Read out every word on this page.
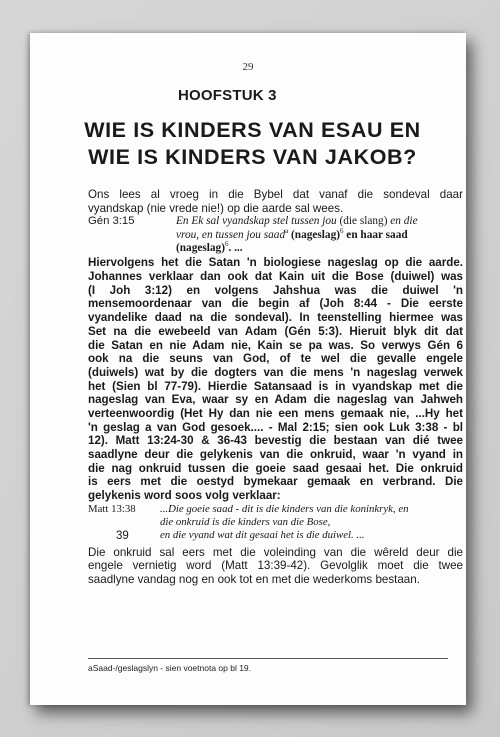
29
HOOFSTUK 3
WIE IS KINDERS VAN ESAU EN
WIE IS KINDERS VAN JAKOB?
Ons lees al vroeg in die Bybel dat vanaf die sondeval daar
vyandskap (nie vrede nie!) op die aarde sal wees.
Gén 3:15	En Ek sal vyandskap stel tussen jou (die slang) en die
vrou, en tussen jou saad$^a$ (nageslag)$^6$ en haar saad
(nageslag)$^6$. ...
Hiervolgens het die Satan 'n biologiese nageslag op die aarde.
Johannes verklaar dan ook dat Kain uit die Bose (duiwel) was
(I Joh 3:12) en volgens Jahshua was die duiwel 'n
mensemoordenaar van die begin af (Joh 8:44 - Die eerste
vyandelike daad na die sondeval). In teenstelling hiermee was
Set na die ewebeeld van Adam (Gén 5:3). Hieruit blyk dit dat
die Satan en nie Adam nie, Kain se pa was. So verwys Gén 6
ook na die seuns van God, of te wel die gevalle engele
(duiwels) wat by die dogters van die mens 'n nageslag verwek
het (Sien bl 77-79). Hierdie Satansaad is in vyandskap met die
nageslag van Eva, waar sy en Adam die nageslag van Jahweh
verteenwoordig (Het Hy dan nie een mens gemaak nie, ...Hy het
'n geslag a van God gesoek.... - Mal 2:15; sien ook Luk 3:38 - bl
12). Matt 13:24-30 & 36-43 bevestig die bestaan van dié twee
saadlyne deur die gelykenis van die onkruid, waar 'n vyand in
die nag onkruid tussen die goeie saad gesaai het. Die onkruid
is eers met die oestyd bymekaar gemaak en verbrand. Die
gelykenis word soos volg verklaar:
Matt 13:38
39
...Die goeie saad - dit is die kinders van die koninkryk, en
die onkruid is die kinders van die Bose,
en die vyand wat dit gesaai het is die duiwel. ...
Die onkruid sal eers met die voleinding van die wêreld deur die
engele vernietig word (Matt 13:39-42). Gevolglik moet die twee
saadlyne vandag nog en ook tot en met die wederkoms bestaan.
aSaad-/geslagslyn - sien voetnota op bl 19.
